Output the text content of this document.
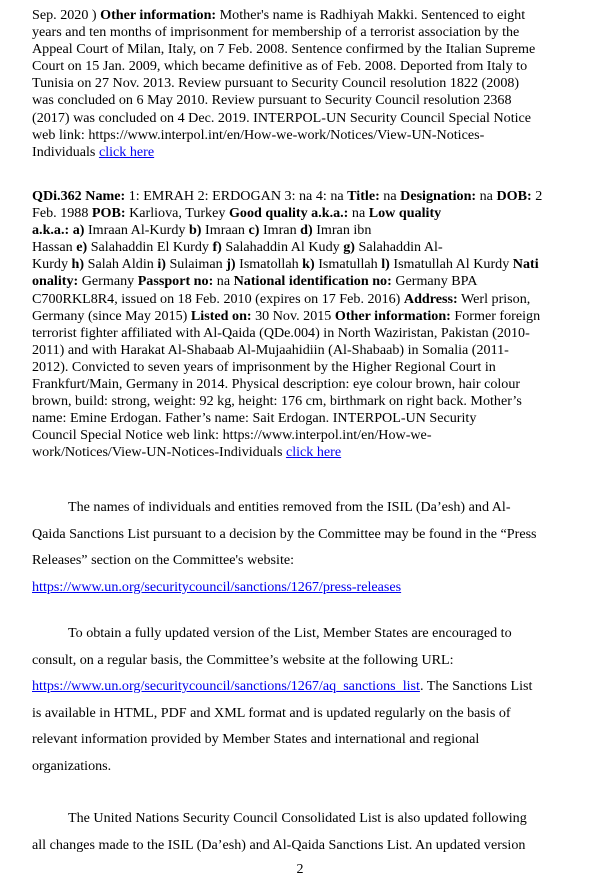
Sep. 2020 ) Other information: Mother's name is Radhiyah Makki. Sentenced to eight
years and ten months of imprisonment for membership of a terrorist association by the
Appeal Court of Milan, Italy, on 7 Feb. 2008. Sentence confirmed by the Italian Supreme
Court on 15 Jan. 2009, which became definitive as of Feb. 2008. Deported from Italy to
Tunisia on 27 Nov. 2013. Review pursuant to Security Council resolution 1822 (2008)
was concluded on 6 May 2010. Review pursuant to Security Council resolution 2368
(2017) was concluded on 4 Dec. 2019. INTERPOL-UN Security Council Special Notice
web link: https://www.interpol.int/en/How-we-work/Notices/View-UN-Notices-
Individuals click here
QDi.362 Name: 1: EMRAH 2: ERDOGAN 3: na 4: na Title: na Designation: na DOB: 2
Feb. 1988 POB: Karliova, Turkey Good quality a.k.a.: na Low quality
a.k.a.: a) Imraan Al-Kurdy b) Imraan c) Imran d) Imran ibn
Hassan e) Salahaddin El Kurdy f) Salahaddin Al Kudy g) Salahaddin Al-
Kurdy h) Salah Aldin i) Sulaiman j) Ismatollah k) Ismatullah l) Ismatullah Al Kurdy Nati
onality: Germany Passport no: na National identification no: Germany BPA
C700RKL8R4, issued on 18 Feb. 2010 (expires on 17 Feb. 2016) Address: Werl prison,
Germany (since May 2015) Listed on: 30 Nov. 2015 Other information: Former foreign
terrorist fighter affiliated with Al-Qaida (QDe.004) in North Waziristan, Pakistan (2010-
2011) and with Harakat Al-Shabaab Al-Mujaahidiin (Al-Shabaab) in Somalia (2011-
2012). Convicted to seven years of imprisonment by the Higher Regional Court in
Frankfurt/Main, Germany in 2014. Physical description: eye colour brown, hair colour
brown, build: strong, weight: 92 kg, height: 176 cm, birthmark on right back. Mother’s
name: Emine Erdogan. Father’s name: Sait Erdogan. INTERPOL-UN Security
Council Special Notice web link: https://www.interpol.int/en/How-we-
work/Notices/View-UN-Notices-Individuals click here
The names of individuals and entities removed from the ISIL (Da’esh) and Al-
Qaida Sanctions List pursuant to a decision by the Committee may be found in the “Press
Releases” section on the Committee's website:
https://www.un.org/securitycouncil/sanctions/1267/press-releases
To obtain a fully updated version of the List, Member States are encouraged to
consult, on a regular basis, the Committee’s website at the following URL:
https://www.un.org/securitycouncil/sanctions/1267/aq_sanctions_list. The Sanctions List
is available in HTML, PDF and XML format and is updated regularly on the basis of
relevant information provided by Member States and international and regional
organizations.
The United Nations Security Council Consolidated List is also updated following
all changes made to the ISIL (Da’esh) and Al-Qaida Sanctions List. An updated version
2
